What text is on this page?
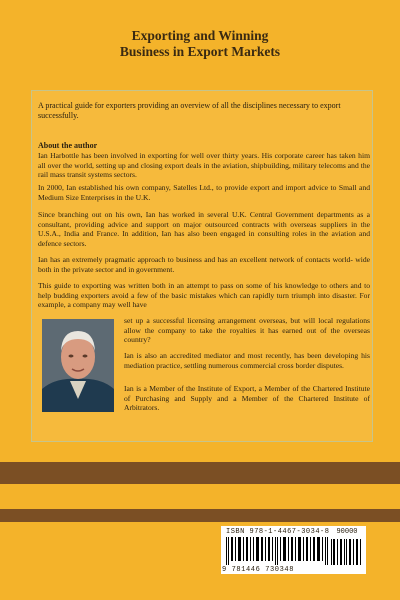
Exporting and Winning
Business in Export Markets
A practical guide for exporters providing an overview of all the disciplines necessary to export successfully.
About the author
Ian Harbottle has been involved in exporting for well over thirty years. His corporate career has taken him all over the world, setting up and closing export deals in the aviation, shipbuilding, military telecoms and the rail mass transit systems sectors.
In 2000, Ian established his own company, Satelles Ltd., to provide export and import advice to Small and Medium Size Enterprises in the U.K.
Since branching out on his own, Ian has worked in several U.K. Central Government departments as a consultant, providing advice and support on major outsourced contracts with overseas suppliers in the U.S.A., India and France. In addition, Ian has also been engaged in consulting roles in the aviation and defence sectors.
Ian has an extremely pragmatic approach to business and has an excellent network of contacts world- wide both in the private sector and in government.
This guide to exporting was written both in an attempt to pass on some of his knowledge to others and to help budding exporters avoid a few of the basic mistakes which can rapidly turn triumph into disaster. For example, a company may well have
set up a successful licensing arrangement overseas, but will local regulations allow the company to take the royalties it has earned out of the overseas country?
Ian is also an accredited mediator and most recently, has been developing his mediation practice, settling numerous commercial cross border disputes.
Ian is a Member of the Institute of Export, a Member of the Chartered Institute of Purchasing and Supply and a Member of the Chartered Institute of Arbitrators.
ISBN 978-1-4467-3034-8	90000
9 781446 730348
